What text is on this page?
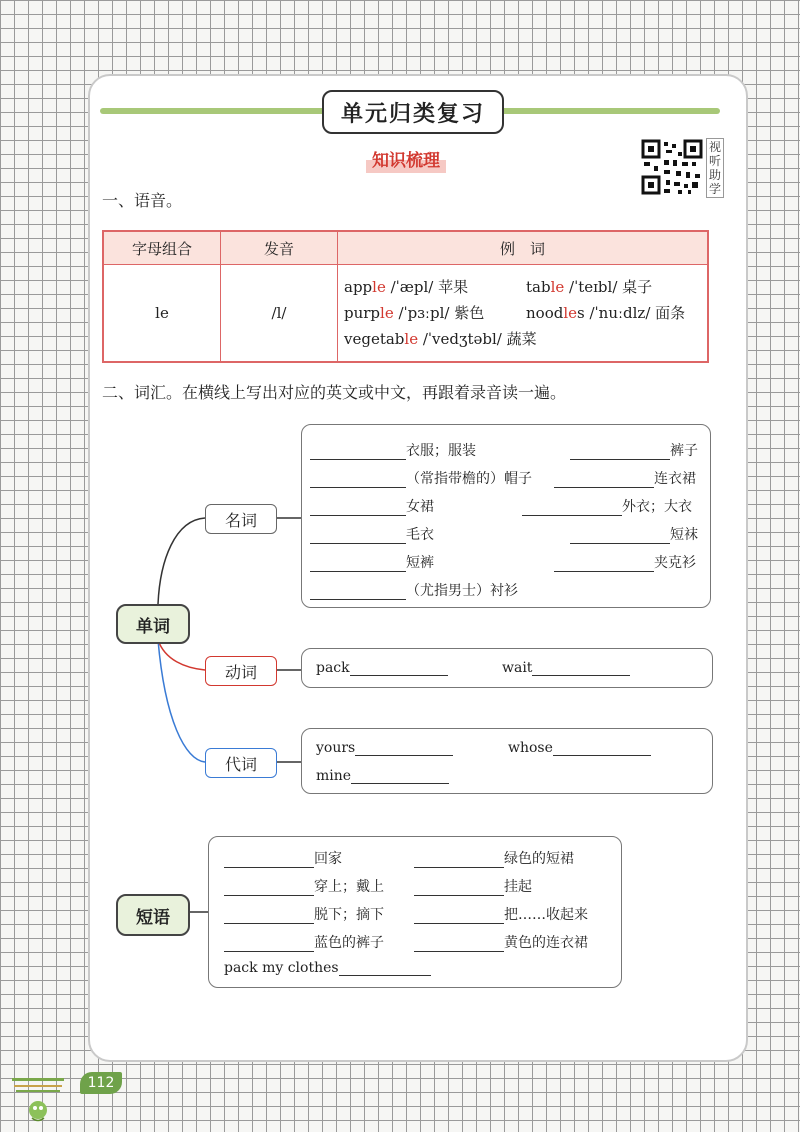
单元归类复习
知识梳理
视听助学
一、语音。
字母组合	发音	例　词
le	/l/	apple /ˈæpl/ 苹果 table /ˈteɪbl/ 桌子
purple /ˈpɜːpl/ 紫色 noodles /ˈnuːdlz/ 面条
vegetable /ˈvedʒtəbl/ 蔬菜
二、词汇。在横线上写出对应的英文或中文，再跟着录音读一遍。
单词
名词
动词
代词
衣服；服装	裤子
（常指带檐的）帽子	连衣裙
女裙	外衣；大衣
毛衣	短袜
短裤	夹克衫
（尤指男士）衬衫
pack	wait
yours	whose
mine
短语
回家	绿色的短裙
穿上；戴上	挂起
脱下；摘下	把……收起来
蓝色的裤子	黄色的连衣裙
pack my clothes
112
